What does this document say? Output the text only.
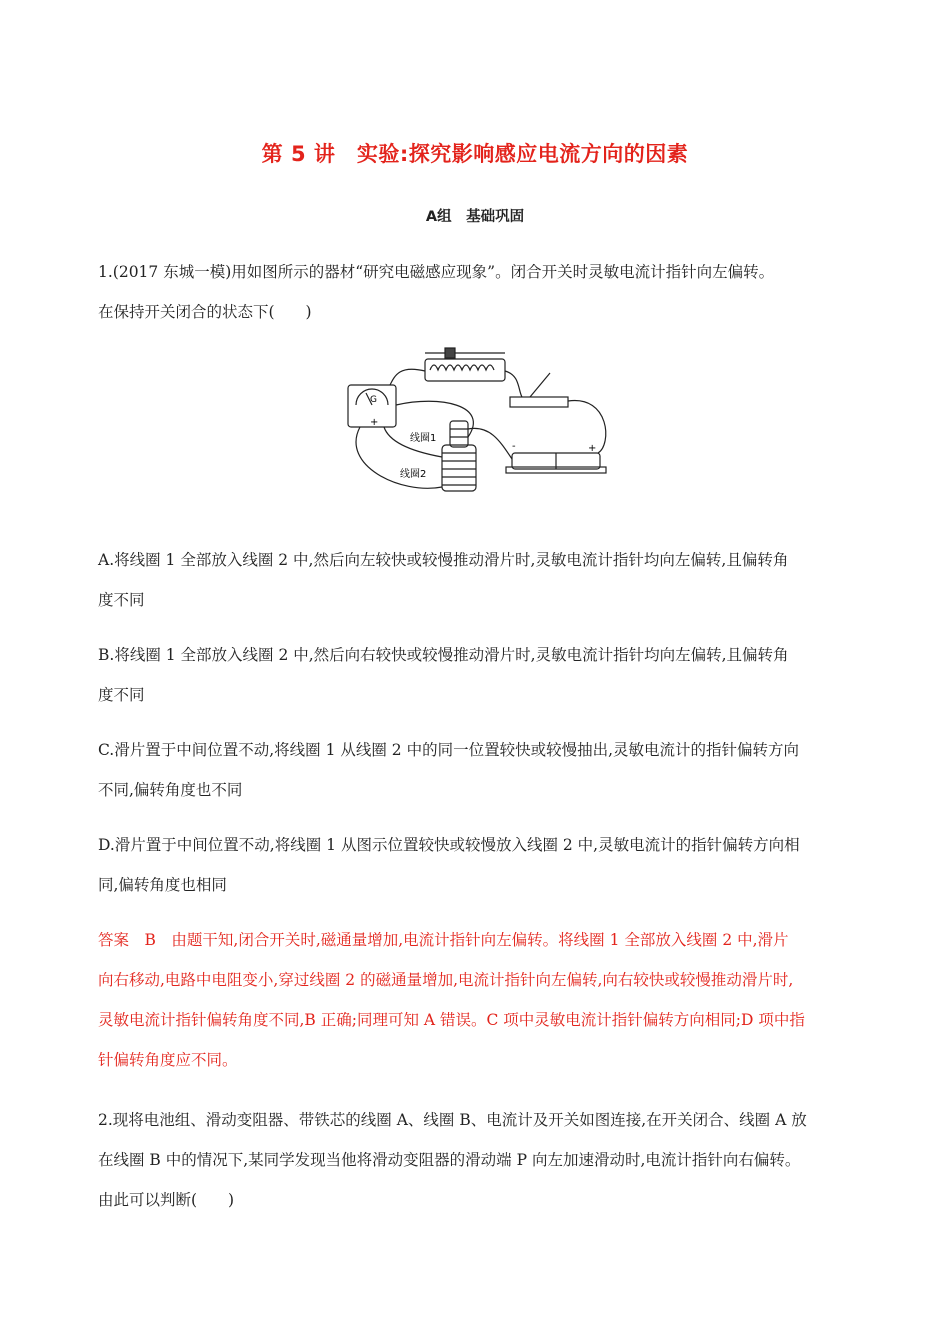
第 5 讲　实验:探究影响感应电流方向的因素
A组　基础巩固
1.(2017 东城一模)用如图所示的器材“研究电磁感应现象”。闭合开关时灵敏电流计指针向左偏转。
在保持开关闭合的状态下(　　)
G
线圈1
线圈2
+
+
-
A.将线圈 1 全部放入线圈 2 中,然后向左较快或较慢推动滑片时,灵敏电流计指针均向左偏转,且偏转角
度不同
B.将线圈 1 全部放入线圈 2 中,然后向右较快或较慢推动滑片时,灵敏电流计指针均向左偏转,且偏转角
度不同
C.滑片置于中间位置不动,将线圈 1 从线圈 2 中的同一位置较快或较慢抽出,灵敏电流计的指针偏转方向
不同,偏转角度也不同
D.滑片置于中间位置不动,将线圈 1 从图示位置较快或较慢放入线圈 2 中,灵敏电流计的指针偏转方向相
同,偏转角度也相同
答案　B　由题干知,闭合开关时,磁通量增加,电流计指针向左偏转。将线圈 1 全部放入线圈 2 中,滑片
向右移动,电路中电阻变小,穿过线圈 2 的磁通量增加,电流计指针向左偏转,向右较快或较慢推动滑片时,
灵敏电流计指针偏转角度不同,B 正确;同理可知 A 错误。C 项中灵敏电流计指针偏转方向相同;D 项中指
针偏转角度应不同。
2.现将电池组、滑动变阻器、带铁芯的线圈 A、线圈 B、电流计及开关如图连接,在开关闭合、线圈 A 放
在线圈 B 中的情况下,某同学发现当他将滑动变阻器的滑动端 P 向左加速滑动时,电流计指针向右偏转。
由此可以判断(　　)
